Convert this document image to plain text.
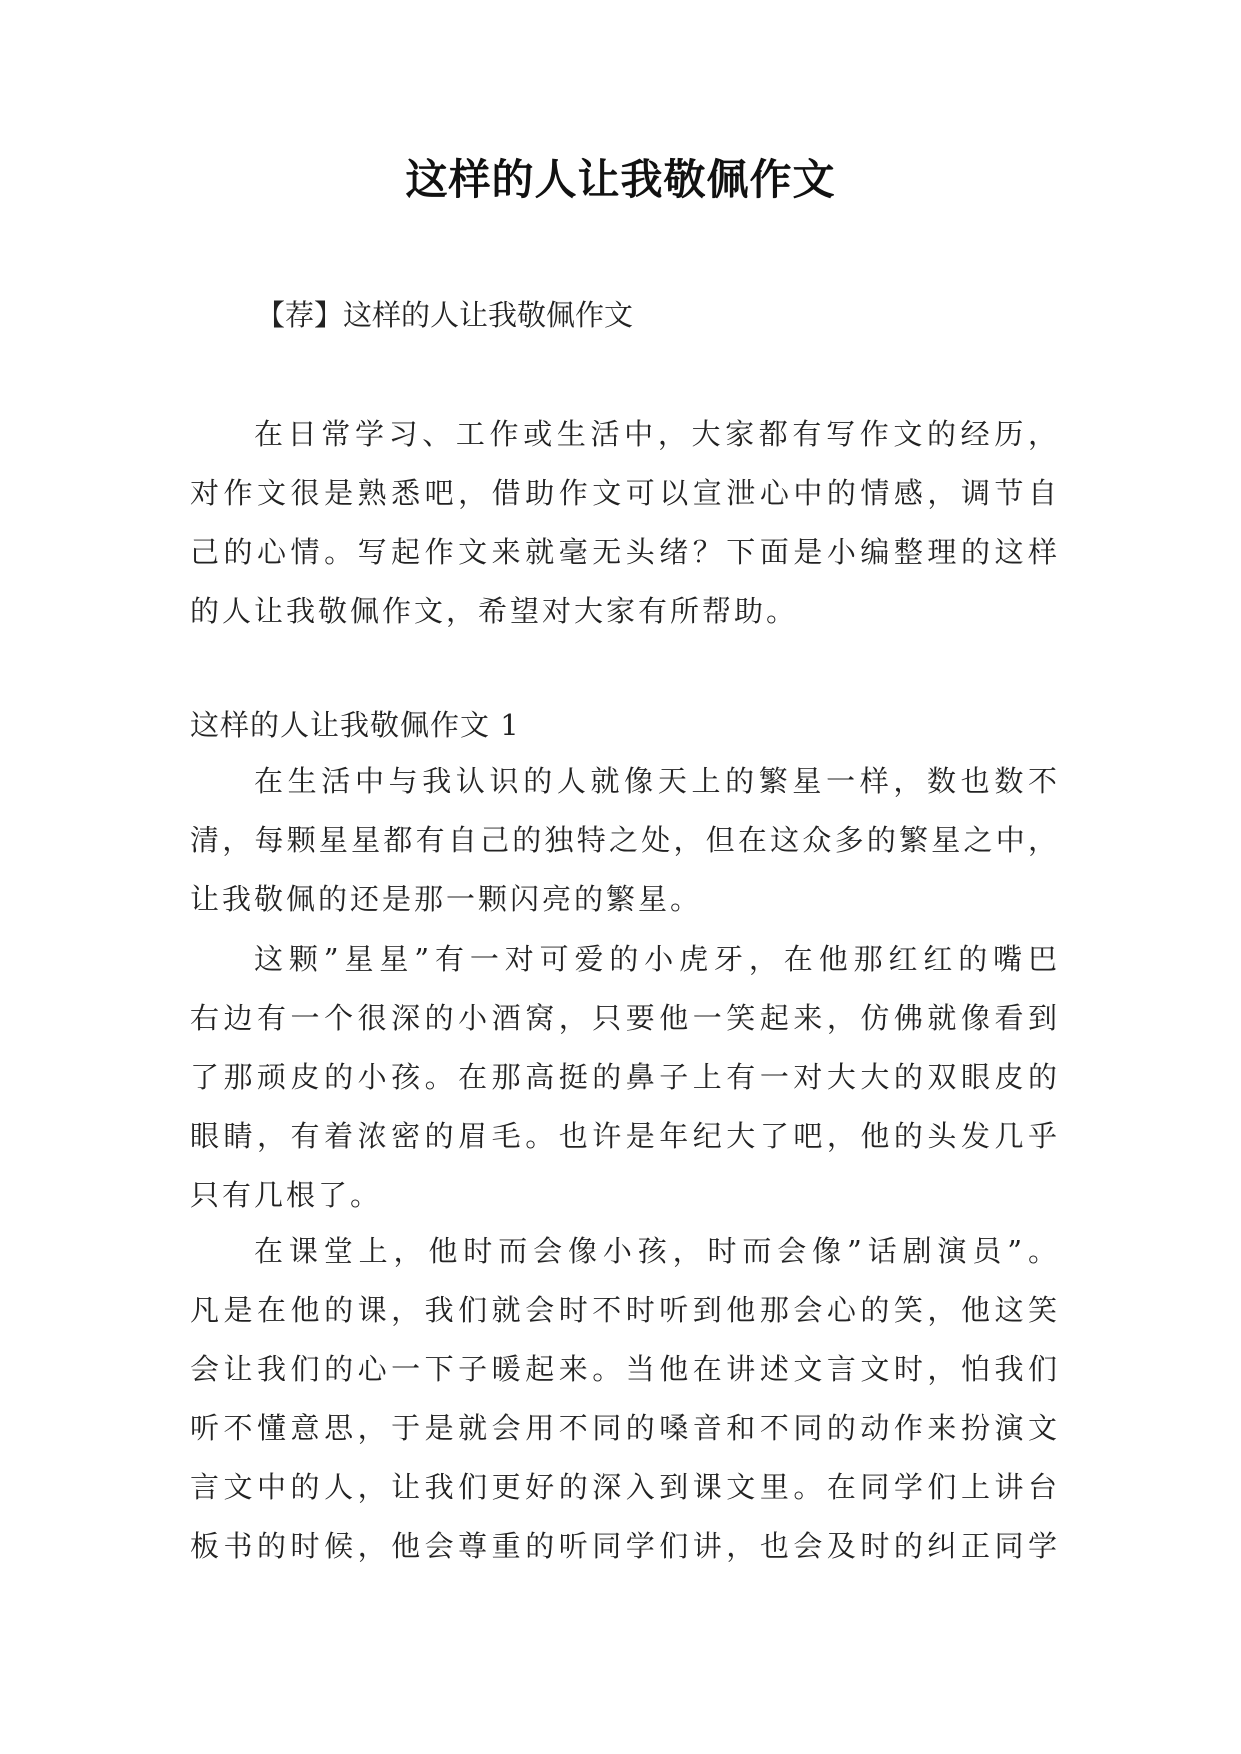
这样的人让我敬佩作文

【荐】这样的人让我敬佩作文

在日常学习、工作或生活中，大家都有写作文的经历，
对作文很是熟悉吧，借助作文可以宣泄心中的情感，调节自
己的心情。写起作文来就毫无头绪？下面是小编整理的这样
的人让我敬佩作文，希望对大家有所帮助。

这样的人让我敬佩作文 1

在生活中与我认识的人就像天上的繁星一样，数也数不
清，每颗星星都有自己的独特之处，但在这众多的繁星之中，
让我敬佩的还是那一颗闪亮的繁星。
这颗”星星”有一对可爱的小虎牙，在他那红红的嘴巴
右边有一个很深的小酒窝，只要他一笑起来，仿佛就像看到
了那顽皮的小孩。在那高挺的鼻子上有一对大大的双眼皮的
眼睛，有着浓密的眉毛。也许是年纪大了吧，他的头发几乎
只有几根了。
在课堂上，他时而会像小孩，时而会像”话剧演员”。
凡是在他的课，我们就会时不时听到他那会心的笑，他这笑
会让我们的心一下子暖起来。当他在讲述文言文时，怕我们
听不懂意思，于是就会用不同的嗓音和不同的动作来扮演文
言文中的人，让我们更好的深入到课文里。在同学们上讲台
板书的时候，他会尊重的听同学们讲，也会及时的纠正同学
